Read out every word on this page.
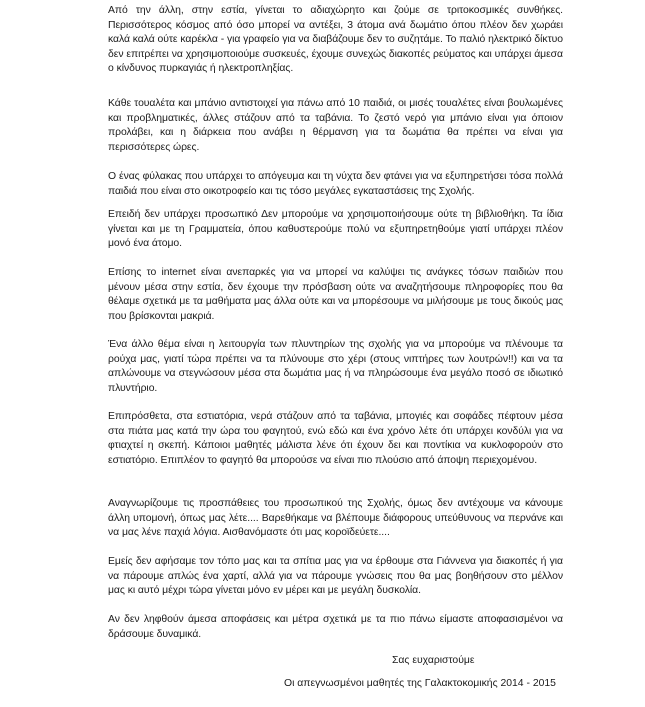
Από την άλλη, στην εστία, γίνεται το αδιαχώρητο και ζούμε σε τριτοκοσμικές συνθήκες. Περισσότερος κόσμος από όσο μπορεί να αντέξει, 3 άτομα ανά δωμάτιο όπου πλέον δεν χωράει καλά καλά ούτε καρέκλα - για γραφείο για να διαβάζουμε δεν το συζητάμε. Το παλιό ηλεκτρικό δίκτυο δεν επιτρέπει να χρησιμοποιούμε συσκευές, έχουμε συνεχώς διακοπές ρεύματος και υπάρχει άμεσα ο κίνδυνος πυρκαγιάς ή ηλεκτροπληξίας.

Κάθε τουαλέτα και μπάνιο αντιστοιχεί για πάνω από 10 παιδιά, οι μισές τουαλέτες είναι βουλωμένες και προβληματικές, άλλες στάζουν από τα ταβάνια. Το ζεστό νερό για μπάνιο είναι για όποιον προλάβει, και η διάρκεια που ανάβει η θέρμανση για τα δωμάτια θα πρέπει να είναι για περισσότερες ώρες.

Ο ένας φύλακας που υπάρχει το απόγευμα και τη νύχτα δεν φτάνει για να εξυπηρετήσει τόσα πολλά παιδιά που είναι στο οικοτροφείο και τις τόσο μεγάλες εγκαταστάσεις της Σχολής.

Επειδή δεν υπάρχει προσωπικό Δεν μπορούμε να χρησιμοποιήσουμε ούτε τη βιβλιοθήκη. Τα ίδια γίνεται και με τη Γραμματεία, όπου καθυστερούμε πολύ να εξυπηρετηθούμε γιατί υπάρχει πλέον μονό ένα άτομο.

Επίσης το internet είναι ανεπαρκές για να μπορεί να καλύψει τις ανάγκες τόσων παιδιών που μένουν μέσα στην εστία, δεν έχουμε την πρόσβαση ούτε να αναζητήσουμε πληροφορίες που θα θέλαμε σχετικά με τα μαθήματα μας άλλα ούτε και να μπορέσουμε να μιλήσουμε με τους δικούς μας που βρίσκονται μακριά.

Ένα άλλο θέμα είναι η λειτουργία των πλυντηρίων της σχολής για να μπορούμε να πλένουμε τα ρούχα μας, γιατί τώρα πρέπει να τα πλύνουμε στο χέρι (στους νιπτήρες των λουτρών!!) και να τα απλώνουμε να στεγνώσουν μέσα στα δωμάτια μας ή να πληρώσουμε ένα μεγάλο ποσό σε ιδιωτικό πλυντήριο.

Επιπρόσθετα, στα εστιατόρια, νερά στάζουν από τα ταβάνια, μπογιές και σοφάδες πέφτουν μέσα στα πιάτα μας κατά την ώρα του φαγητού, ενώ εδώ και ένα χρόνο λέτε ότι υπάρχει κονδύλι για να φτιαχτεί η σκεπή. Κάποιοι μαθητές μάλιστα λένε ότι έχουν δει και ποντίκια να κυκλοφορούν στο εστιατόριο. Επιπλέον το φαγητό θα μπορούσε να είναι πιο πλούσιο από άποψη περιεχομένου.

Αναγνωρίζουμε τις προσπάθειες του προσωπικού της Σχολής, όμως δεν αντέχουμε να κάνουμε άλλη υπομονή, όπως μας λέτε.... Βαρεθήκαμε να βλέπουμε διάφορους υπεύθυνους να περνάνε και να μας λένε παχιά λόγια. Αισθανόμαστε ότι μας κοροϊδεύετε....

Εμείς δεν αφήσαμε τον τόπο μας και τα σπίτια μας για να έρθουμε στα Γιάννενα για διακοπές ή για να πάρουμε απλώς ένα χαρτί, αλλά για να πάρουμε γνώσεις που θα μας βοηθήσουν στο μέλλον μας κι αυτό μέχρι τώρα γίνεται μόνο εν μέρει και με μεγάλη δυσκολία.

Αν δεν ληφθούν άμεσα αποφάσεις και μέτρα σχετικά με τα πιο πάνω είμαστε αποφασισμένοι να δράσουμε δυναμικά.

Σας ευχαριστούμε

Οι απεγνωσμένοι μαθητές της Γαλακτοκομικής 2014 - 2015
